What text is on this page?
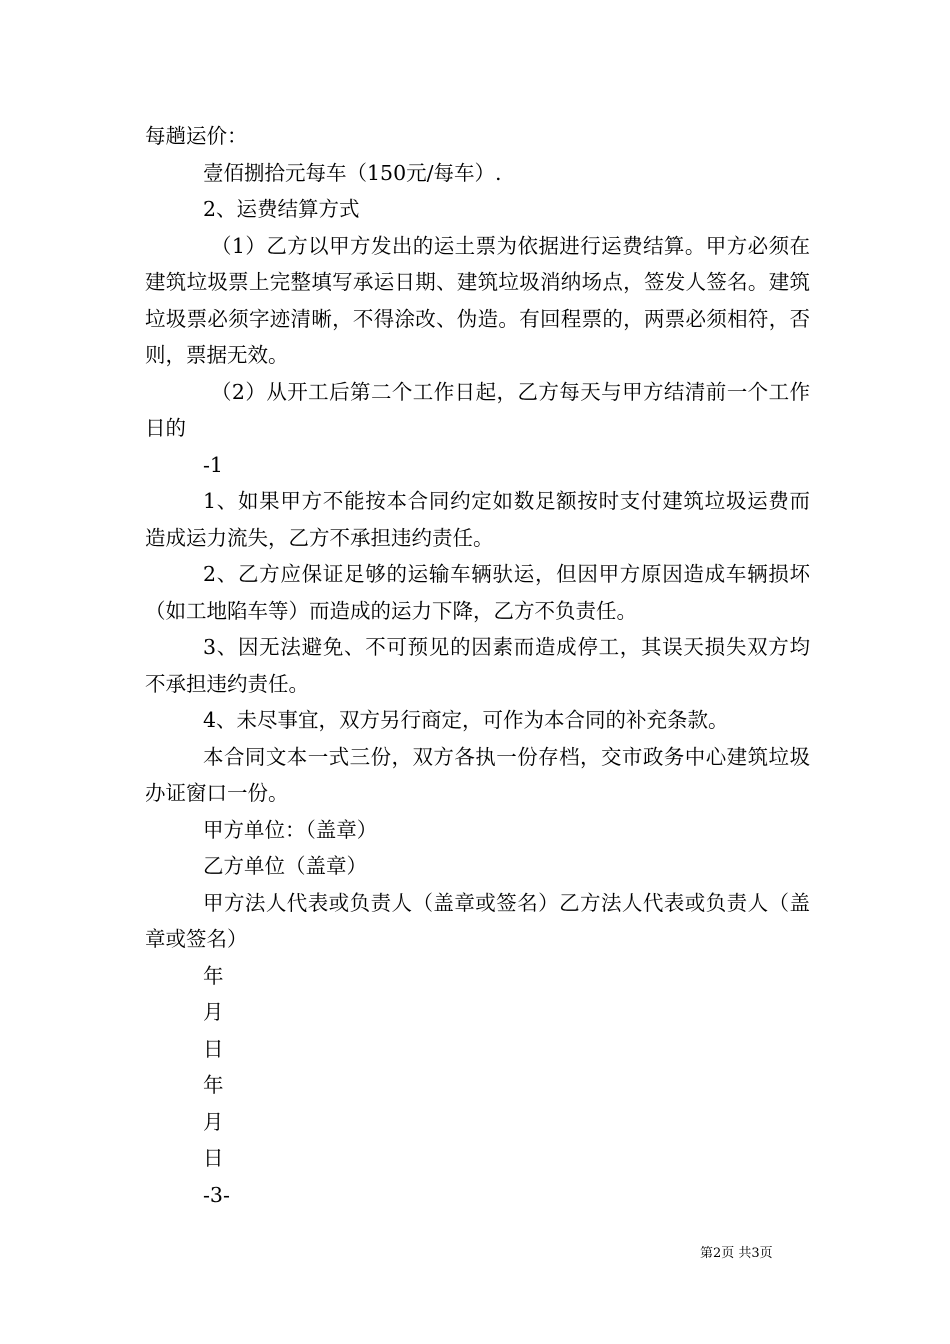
每趟运价：

壹佰捌拾元每车（150元/每车）.

2、运费结算方式

（1）乙方以甲方发出的运土票为依据进行运费结算。甲方必须在建筑垃圾票上完整填写承运日期、建筑垃圾消纳场点，签发人签名。建筑垃圾票必须字迹清晰，不得涂改、伪造。有回程票的，两票必须相符，否则，票据无效。

（2）从开工后第二个工作日起，乙方每天与甲方结清前一个工作日的

-1

1、如果甲方不能按本合同约定如数足额按时支付建筑垃圾运费而造成运力流失，乙方不承担违约责任。

2、乙方应保证足够的运输车辆驮运，但因甲方原因造成车辆损坏（如工地陷车等）而造成的运力下降，乙方不负责任。

3、因无法避免、不可预见的因素而造成停工，其误天损失双方均不承担违约责任。

4、未尽事宜，双方另行商定，可作为本合同的补充条款。

本合同文本一式三份，双方各执一份存档，交市政务中心建筑垃圾办证窗口一份。

甲方单位：（盖章）

乙方单位（盖章）

甲方法人代表或负责人（盖章或签名）乙方法人代表或负责人（盖章或签名）

年

月

日

年

月

日

-3-

第2页 共3页
